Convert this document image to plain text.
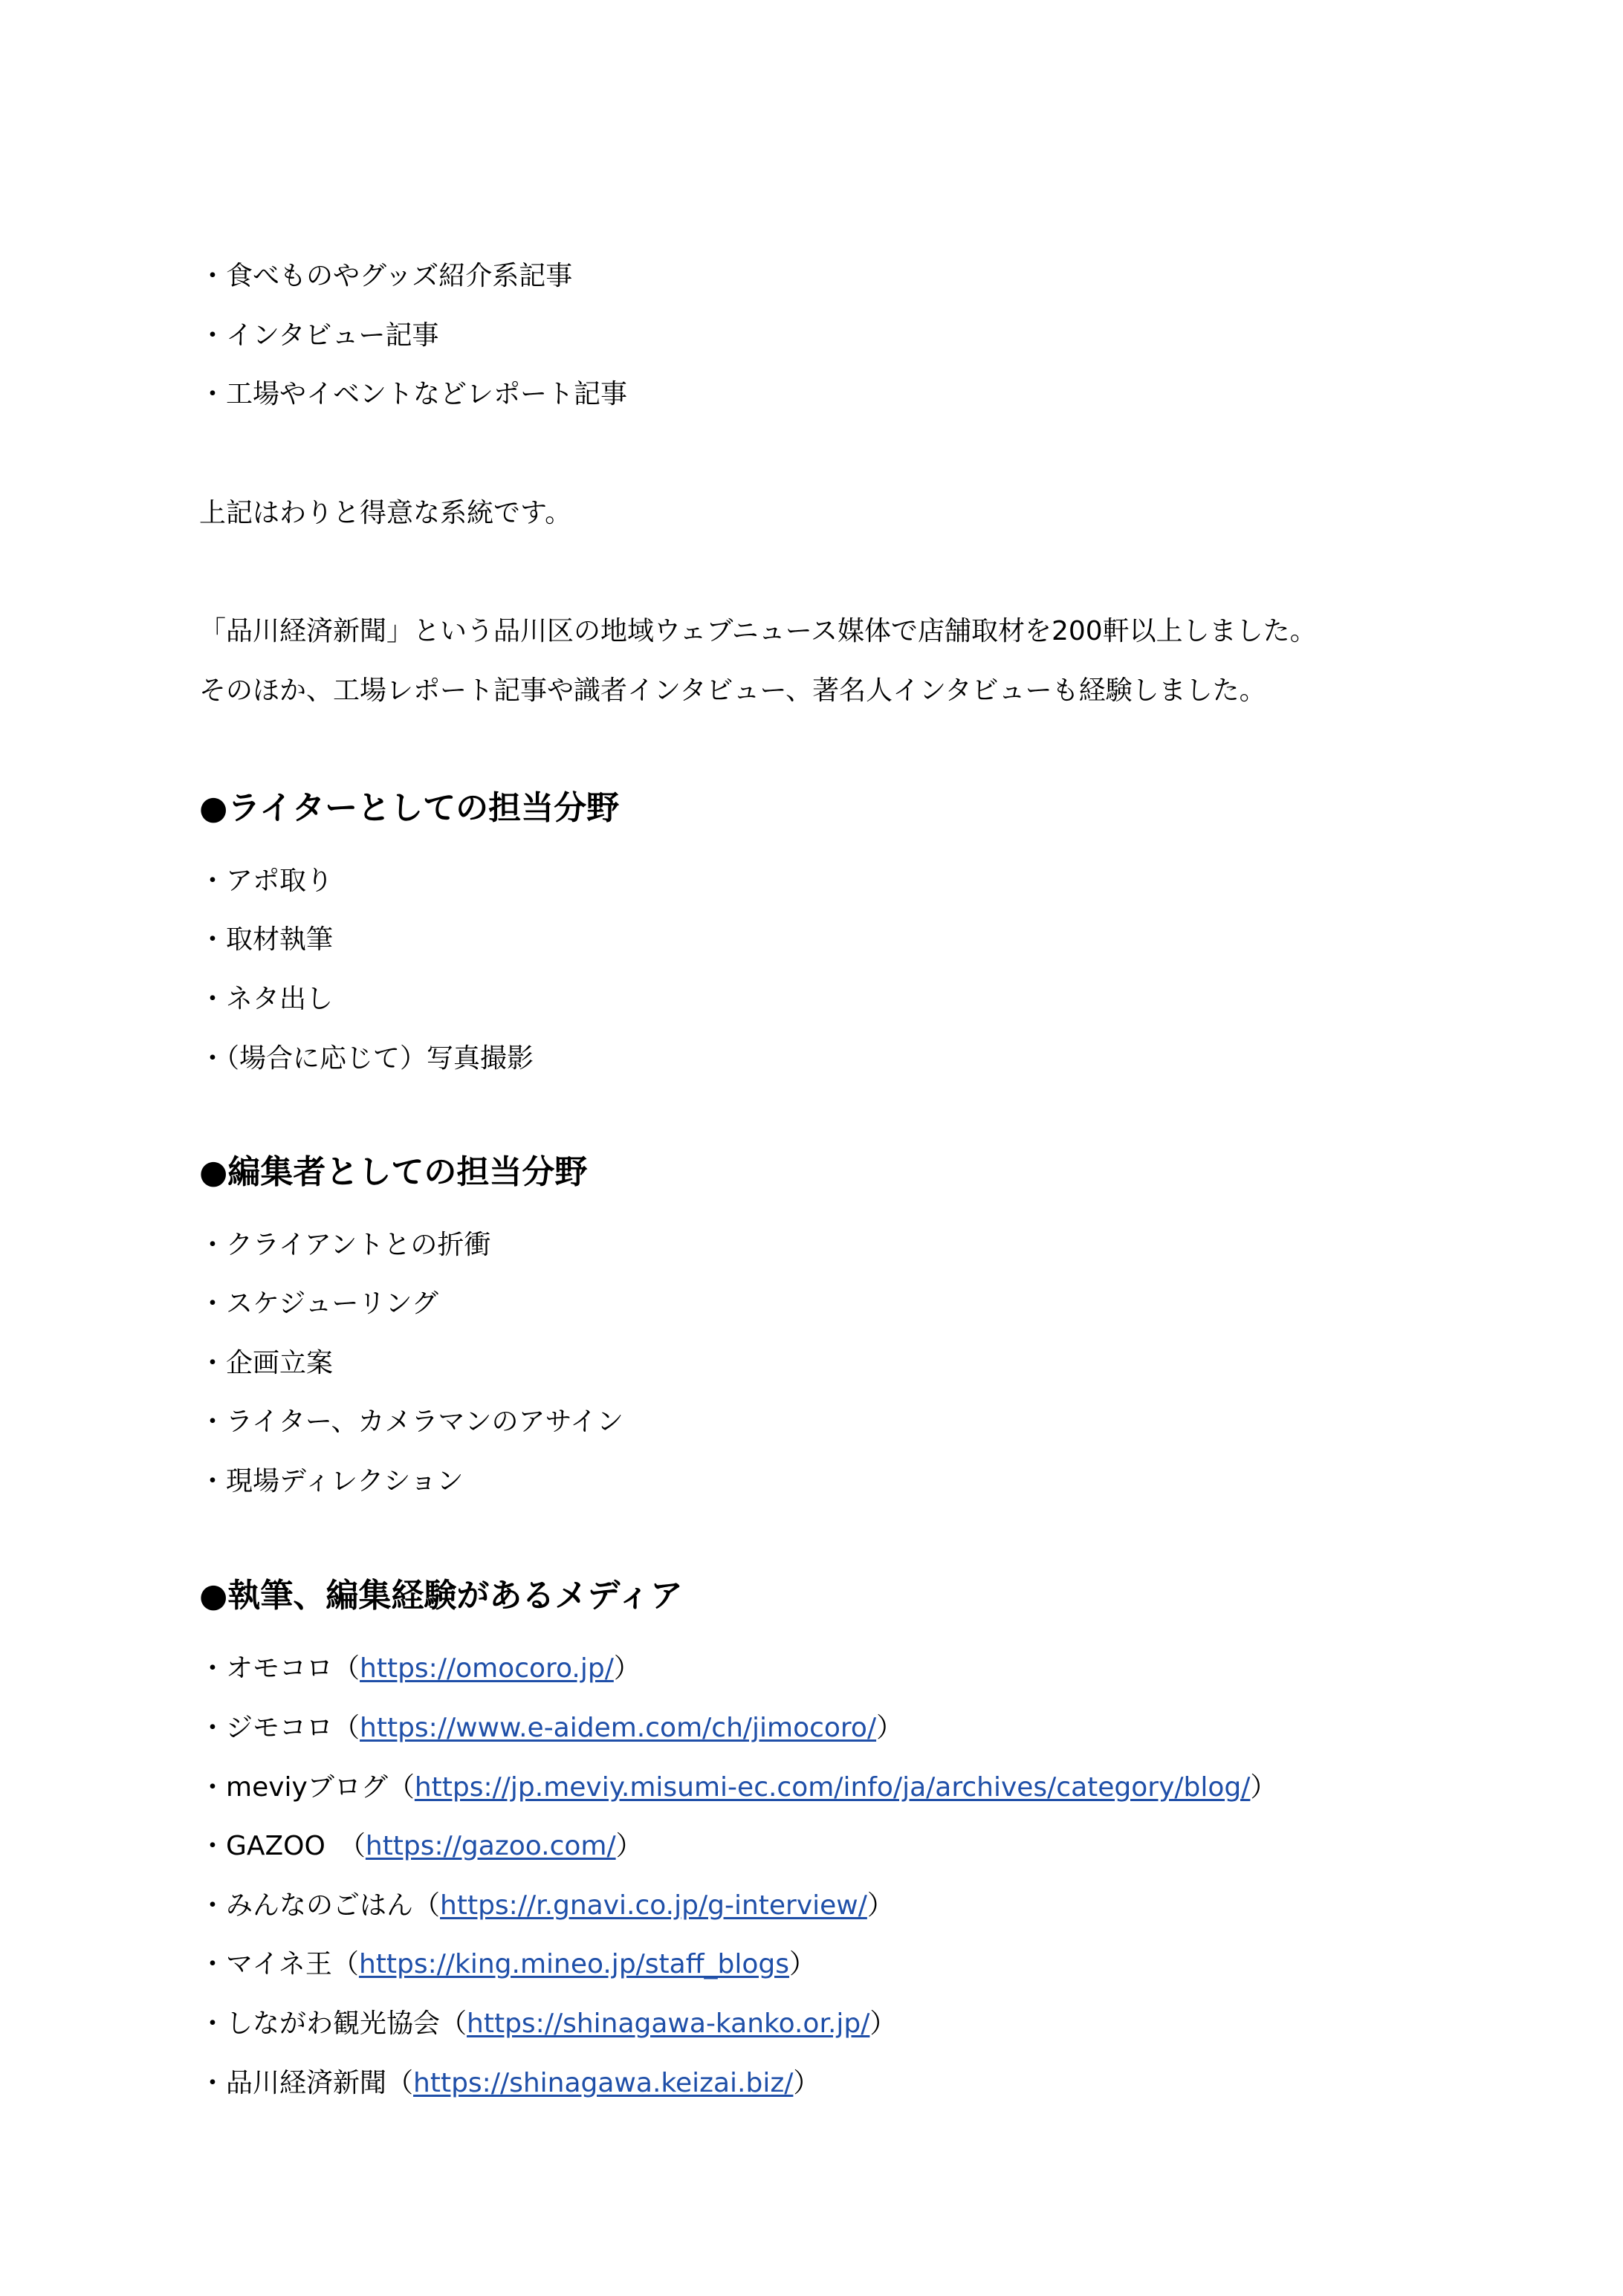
・食べものやグッズ紹介系記事
・インタビュー記事
・工場やイベントなどレポート記事
上記はわりと得意な系統です。
「品川経済新聞」という品川区の地域ウェブニュース媒体で店舗取材を200軒以上しました。
そのほか、工場レポート記事や識者インタビュー、著名人インタビューも経験しました。
●ライターとしての担当分野
・アポ取り
・取材執筆
・ネタ出し
・（場合に応じて）写真撮影
●編集者としての担当分野
・クライアントとの折衝
・スケジューリング
・企画立案
・ライター、カメラマンのアサイン
・現場ディレクション
●執筆、編集経験があるメディア
・オモコロ（https://omocoro.jp/）
・ジモコロ（https://www.e-aidem.com/ch/jimocoro/）
・meviyブログ（https://jp.meviy.misumi-ec.com/info/ja/archives/category/blog/）
・GAZOO　（https://gazoo.com/）
・みんなのごはん（https://r.gnavi.co.jp/g-interview/）
・マイネ王（https://king.mineo.jp/staff_blogs）
・しながわ観光協会（https://shinagawa-kanko.or.jp/）
・品川経済新聞（https://shinagawa.keizai.biz/）
